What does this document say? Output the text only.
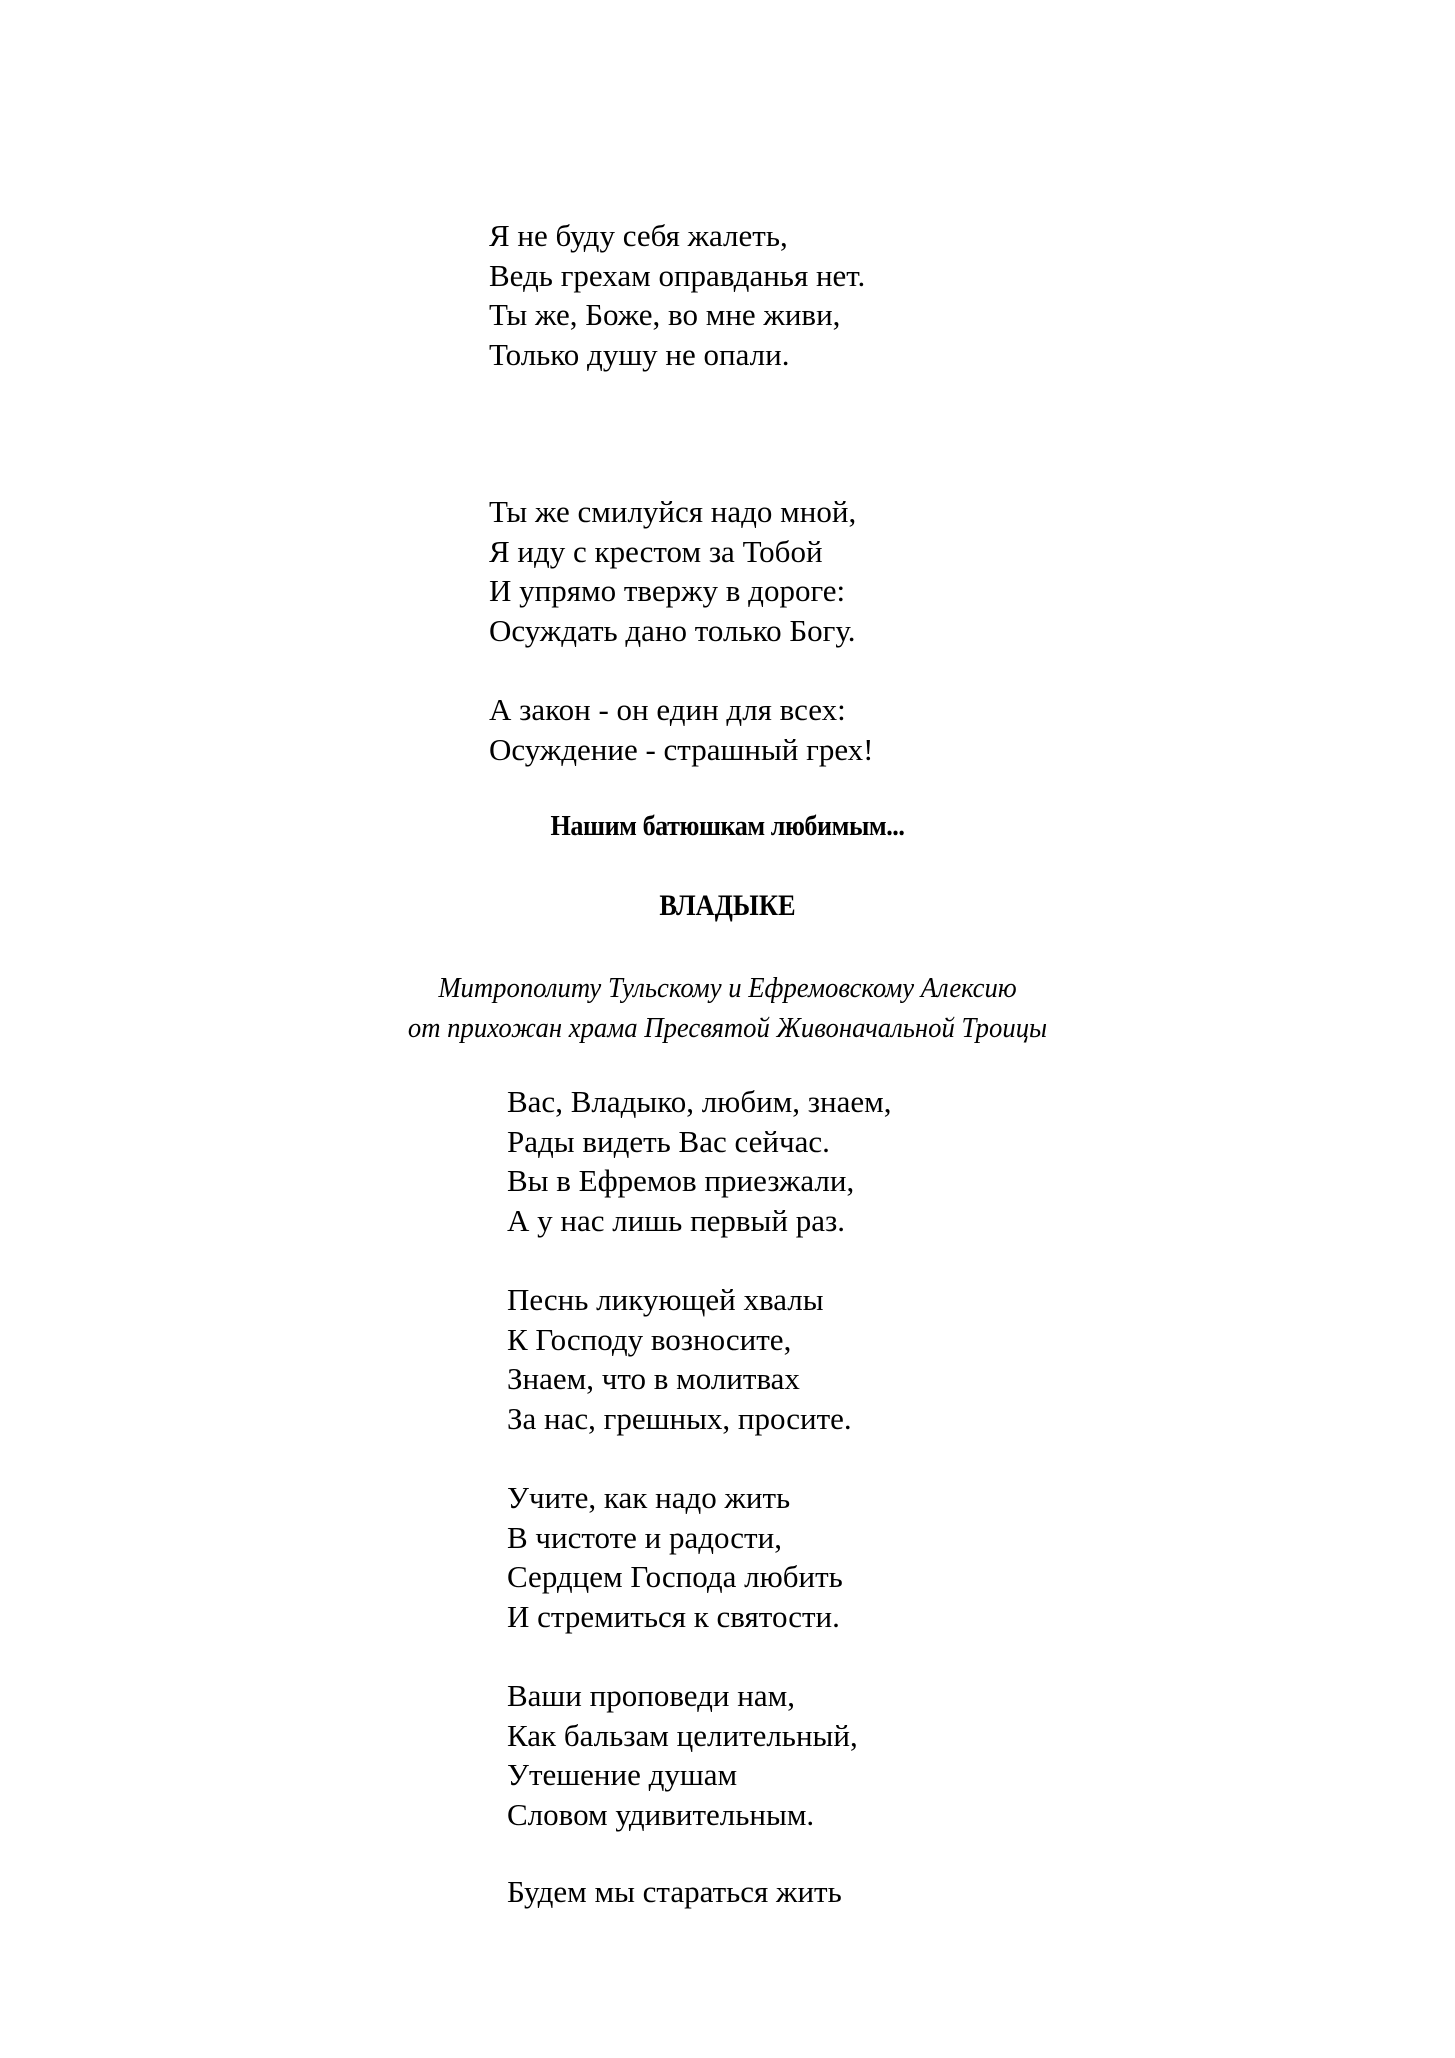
Я не буду себя жалеть,
Ведь грехам оправданья нет.
Ты же, Боже, во мне живи,
Только душу не опали.
Ты же смилуйся надо мной,
Я иду с крестом за Тобой
И упрямо твержу в дороге:
Осуждать дано только Богу.
А закон - он един для всех:
Осуждение - страшный грех!
Нашим батюшкам любимым...
ВЛАДЫКЕ
Митрополиту Тульскому и Ефремовскому Алексию
от прихожан храма Пресвятой Живоначальной Троицы
Вас, Владыко, любим, знаем,
Рады видеть Вас сейчас.
Вы в Ефремов приезжали,
А у нас лишь первый раз.
Песнь ликующей хвалы
К Господу возносите,
Знаем, что в молитвах
За нас, грешных, просите.
Учите, как надо жить
В чистоте и радости,
Сердцем Господа любить
И стремиться к святости.
Ваши проповеди нам,
Как бальзам целительный,
Утешение душам
Словом удивительным.
Будем мы стараться жить
